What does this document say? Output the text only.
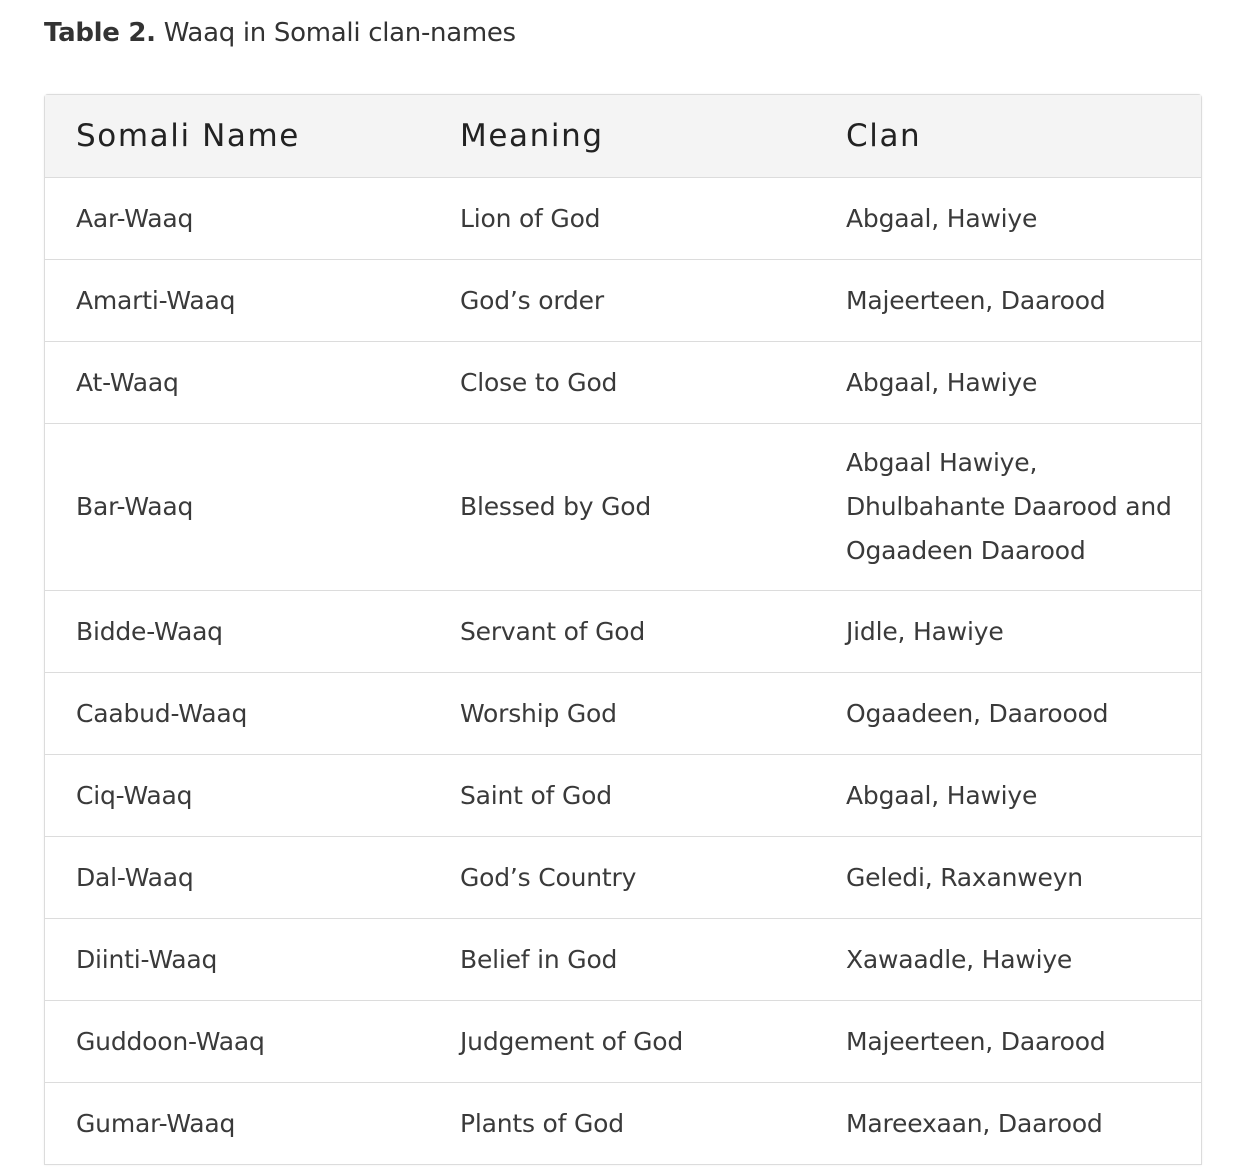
Table 2. Waaq in Somali clan-names
Somali Name	Meaning	Clan
Aar-Waaq	Lion of God	Abgaal, Hawiye
Amarti-Waaq	God’s order	Majeerteen, Daarood
At-Waaq	Close to God	Abgaal, Hawiye
Bar-Waaq	Blessed by God	Abgaal Hawiye, Dhulbahante Daarood and Ogaadeen Daarood
Bidde-Waaq	Servant of God	Jidle, Hawiye
Caabud-Waaq	Worship God	Ogaadeen, Daaroood
Ciq-Waaq	Saint of God	Abgaal, Hawiye
Dal-Waaq	God’s Country	Geledi, Raxanweyn
Diinti-Waaq	Belief in God	Xawaadle, Hawiye
Guddoon-Waaq	Judgement of God	Majeerteen, Daarood
Gumar-Waaq	Plants of God	Mareexaan, Daarood
